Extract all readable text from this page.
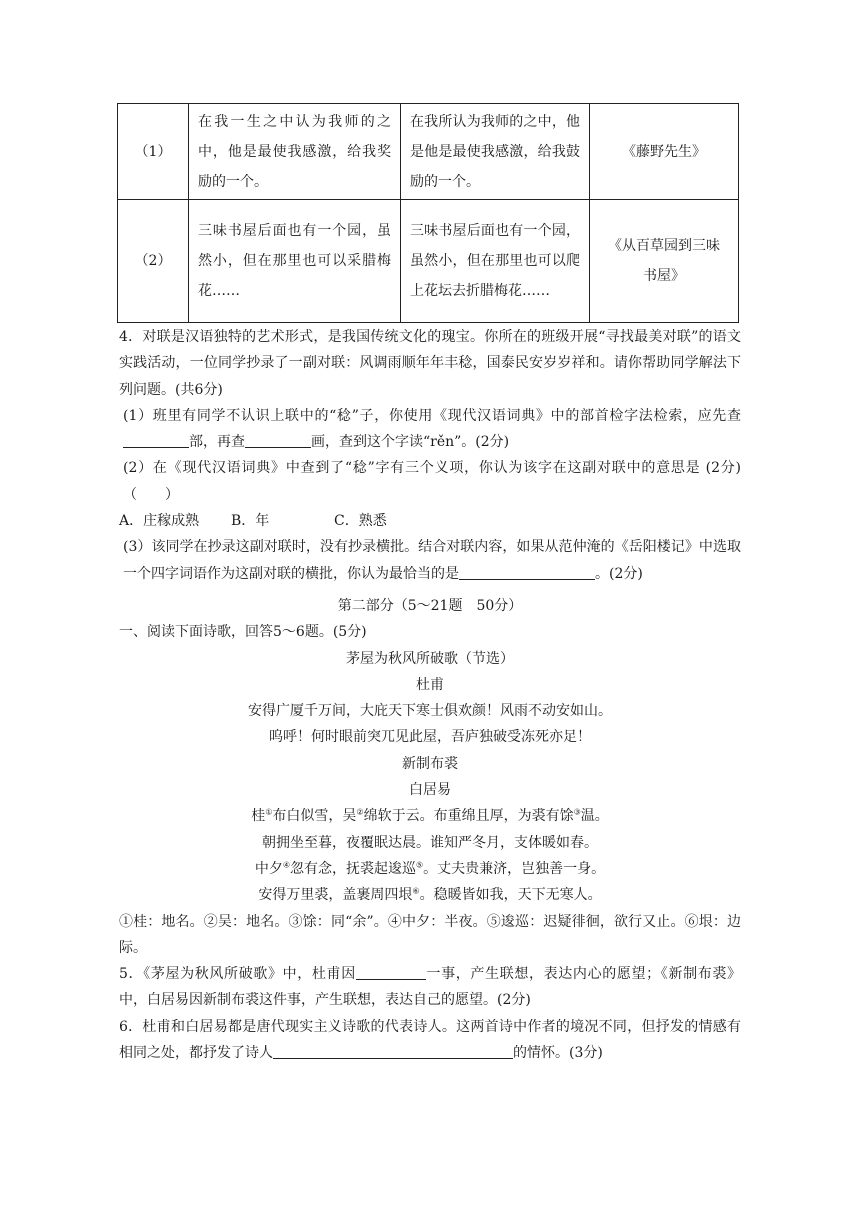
（1）	在我一生之中认为我师的之中，他是最使我感激，给我奖励的一个。	在我所认为我师的之中，他是他是最使我感激，给我鼓励的一个。	《藤野先生》
（2）	三味书屋后面也有一个园，虽然小，但在那里也可以采腊梅花……	三味书屋后面也有一个园，虽然小，但在那里也可以爬上花坛去折腊梅花……	《从百草园到三味书屋》

4．对联是汉语独特的艺术形式，是我国传统文化的瑰宝。你所在的班级开展“寻找最美对联”的语文实践活动，一位同学抄录了一副对联：风调雨顺年年丰稔，国泰民安岁岁祥和。请你帮助同学解法下列问题。(共6分)

(1）班里有同学不认识上联中的“稔”子，你使用《现代汉语词典》中的部首检字法检索，应先查部，再查	画，查到这个字读“rěn”。(2分)

(2）在《现代汉语词典》中查到了“稔”字有三个义项，你认为该字在这副对联中的意思是 (2分)（　　）

A．庄稼成熟 B．年	C．熟悉

(3）该同学在抄录这副对联时，没有抄录横批。结合对联内容，如果从范仲淹的《岳阳楼记》中选取一个四字词语作为这副对联的横批，你认为最恰当的是	。(2分)

第二部分（5～21题　50分）

一、阅读下面诗歌，回答5～6题。(5分)

茅屋为秋风所破歌（节选）

杜甫

安得广厦千万间，大庇天下寒士俱欢颜！风雨不动安如山。

呜呼！何时眼前突兀见此屋，吾庐独破受冻死亦足！

新制布裘

白居易

桂①布白似雪，吴②绵软于云。布重绵且厚，为裘有馀③温。

朝拥坐至暮，夜覆眠达晨。谁知严冬月，支体暖如春。

中夕④忽有念，抚裘起逡巡⑤。丈夫贵兼济，岂独善一身。

安得万里裘，盖裹周四垠⑥。稳暖皆如我，天下无寒人。

①桂：地名。②吴：地名。③馀：同“余”。④中夕：半夜。⑤逡巡：迟疑徘徊，欲行又止。⑥垠：边际。

5．《茅屋为秋风所破歌》中，杜甫因	一事，产生联想，表达内心的愿望；《新制布裘》中，白居易因新制布裘这件事，产生联想，表达自己的愿望。(2分)

6．杜甫和白居易都是唐代现实主义诗歌的代表诗人。这两首诗中作者的境况不同，但抒发的情感有相同之处，都抒发了诗人	的情怀。(3分)
